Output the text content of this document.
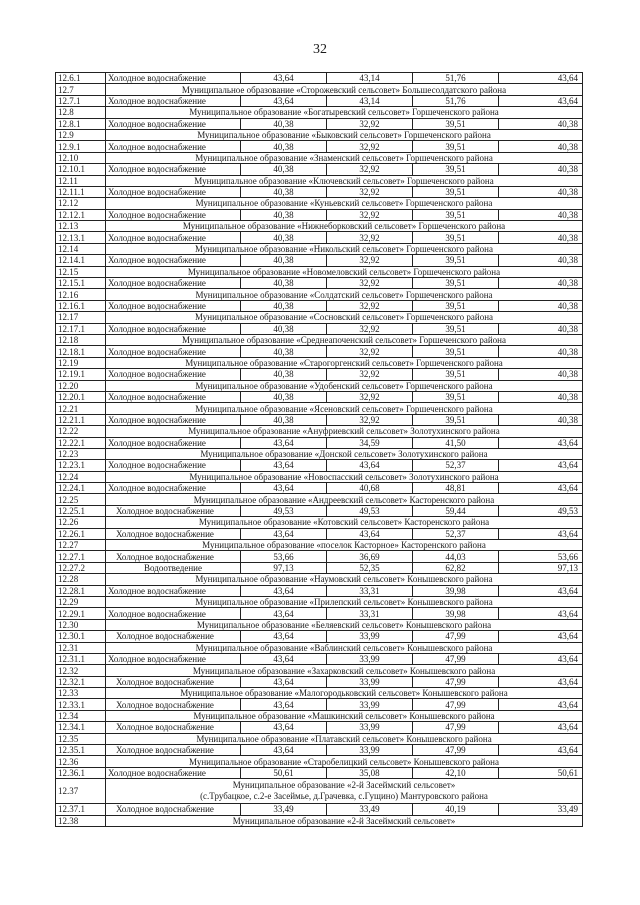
32
12.6.1	Холодное водоснабжение	43,64	43,14	51,76	43,64
12.7	Муниципальное образование «Сторожевский сельсовет» Большесолдатского района				
12.7.1	Холодное водоснабжение	43,64	43,14	51,76	43,64
12.8	Муниципальное образование «Богатыревский сельсовет» Горшеченского района				
12.8.1	Холодное водоснабжение	40,38	32,92	39,51	40,38
12.9	Муниципальное образование «Быковский сельсовет» Горшеченского района				
12.9.1	Холодное водоснабжение	40,38	32,92	39,51	40,38
12.10	Муниципальное образование «Знаменский сельсовет» Горшеченского района				
12.10.1	Холодное водоснабжение	40,38	32,92	39,51	40,38
12.11	Муниципальное образование «Ключевский сельсовет» Горшеченского района				
12.11.1	Холодное водоснабжение	40,38	32,92	39,51	40,38
12.12	Муниципальное образование «Куньевский сельсовет» Горшеченского района				
12.12.1	Холодное водоснабжение	40,38	32,92	39,51	40,38
12.13	Муниципальное образование «Нижнеборковский сельсовет» Горшеченского района				
12.13.1	Холодное водоснабжение	40,38	32,92	39,51	40,38
12.14	Муниципальное образование «Никольский сельсовет» Горшеченского района				
12.14.1	Холодное водоснабжение	40,38	32,92	39,51	40,38
12.15	Муниципальное образование «Новомеловский сельсовет» Горшеченского района				
12.15.1	Холодное водоснабжение	40,38	32,92	39,51	40,38
12.16	Муниципальное образование «Солдатский сельсовет» Горшеченского района				
12.16.1	Холодное водоснабжение	40,38	32,92	39,51	40,38
12.17	Муниципальное образование «Сосновский сельсовет» Горшеченского района				
12.17.1	Холодное водоснабжение	40,38	32,92	39,51	40,38
12.18	Муниципальное образование «Среднеапоченский сельсовет» Горшеченского района				
12.18.1	Холодное водоснабжение	40,38	32,92	39,51	40,38
12.19	Муниципальное образование «Старогоргенский сельсовет» Горшеченского района				
12.19.1	Холодное водоснабжение	40,38	32,92	39,51	40,38
12.20	Муниципальное образование «Удобенский сельсовет» Горшеченского района				
12.20.1	Холодное водоснабжение	40,38	32,92	39,51	40,38
12.21	Муниципальное образование «Ясеновский сельсовет» Горшеченского района				
12.21.1	Холодное водоснабжение	40,38	32,92	39,51	40,38
12.22	Муниципальное образование «Ануфриевский сельсовет» Золотухинского района				
12.22.1	Холодное водоснабжение	43,64	34,59	41,50	43,64
12.23	Муниципальное образование «Донской сельсовет» Золотухинского района				
12.23.1	Холодное водоснабжение	43,64	43,64	52,37	43,64
12.24	Муниципальное образование «Новоспасский сельсовет» Золотухинского района				
12.24.1	Холодное водоснабжение	43,64	40,68	48,81	43,64
12.25	Муниципальное образование «Андреевский сельсовет» Касторенского района				
12.25.1	Холодное водоснабжение	49,53	49,53	59,44	49,53
12.26	Муниципальное образование «Котовский сельсовет» Касторенского района				
12.26.1	Холодное водоснабжение	43,64	43,64	52,37	43,64
12.27	Муниципальное образование «поселок Касторное» Касторенского района				
12.27.1	Холодное водоснабжение	53,66	36,69	44,03	53,66
12.27.2	Водоотведение	97,13	52,35	62,82	97,13
12.28	Муниципальное образование «Наумовский сельсовет» Конышевского района				
12.28.1	Холодное водоснабжение	43,64	33,31	39,98	43,64
12.29	Муниципальное образование «Прилепский сельсовет» Конышевского района				
12.29.1	Холодное водоснабжение	43,64	33,31	39,98	43,64
12.30	Муниципальное образование «Беляевский сельсовет» Конышевского района				
12.30.1	Холодное водоснабжение	43,64	33,99	47,99	43,64
12.31	Муниципальное образование «Ваблинский сельсовет» Конышевского района				
12.31.1	Холодное водоснабжение	43,64	33,99	47,99	43,64
12.32	Муниципальное образование «Захарковский сельсовет» Конышевского района				
12.32.1	Холодное водоснабжение	43,64	33,99	47,99	43,64
12.33	Муниципальное образование «Малогородьковский сельсовет» Конышевского района				
12.33.1	Холодное водоснабжение	43,64	33,99	47,99	43,64
12.34	Муниципальное образование «Машкинский сельсовет» Конышевского района				
12.34.1	Холодное водоснабжение	43,64	33,99	47,99	43,64
12.35	Муниципальное образование «Платавский сельсовет» Конышевского района				
12.35.1	Холодное водоснабжение	43,64	33,99	47,99	43,64
12.36	Муниципальное образование «Старобелицкий сельсовет» Конышевского района				
12.36.1	Холодное водоснабжение	50,61	35,08	42,10	50,61
12.37	Муниципальное образование «2-й Засеймский сельсовет»
(с.Трубацкое, с.2-е Засеймье, д.Грачевка, с.Гущино) Мантуровского района				

12.37.1	Холодное водоснабжение	33,49	33,49	40,19	33,49
12.38	Муниципальное образование «2-й Засеймский сельсовет»				
